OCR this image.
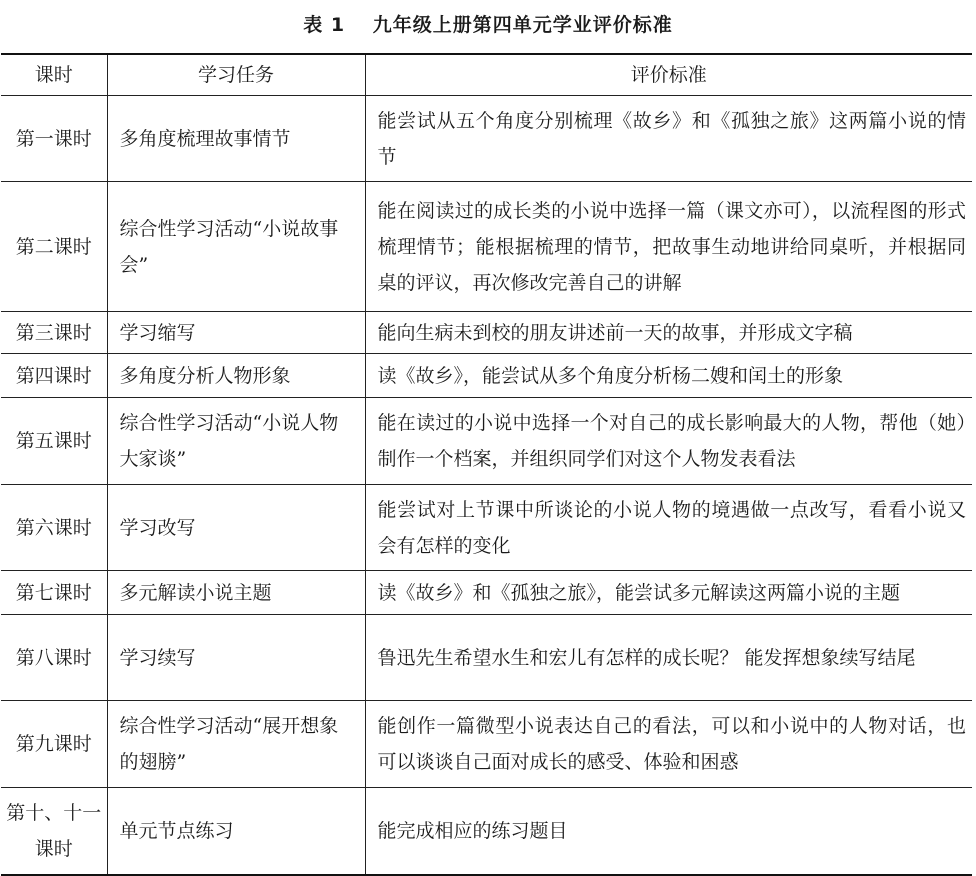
表 1 九年级上册第四单元学业评价标准
课时	学习任务	评价标准
第一课时	多角度梳理故事情节	能尝试从五个角度分别梳理《故乡》和《孤独之旅》这两篇小说的情节
第二课时	综合性学习活动“小说故事会”	能在阅读过的成长类的小说中选择一篇（课文亦可），以流程图的形式梳理情节；能根据梳理的情节，把故事生动地讲给同桌听，并根据同桌的评议，再次修改完善自己的讲解
第三课时	学习缩写	能向生病未到校的朋友讲述前一天的故事，并形成文字稿
第四课时	多角度分析人物形象	读《故乡》，能尝试从多个角度分析杨二嫂和闰土的形象
第五课时	综合性学习活动“小说人物大家谈”	能在读过的小说中选择一个对自己的成长影响最大的人物，帮他（她）制作一个档案，并组织同学们对这个人物发表看法
第六课时	学习改写	能尝试对上节课中所谈论的小说人物的境遇做一点改写，看看小说又会有怎样的变化
第七课时	多元解读小说主题	读《故乡》和《孤独之旅》，能尝试多元解读这两篇小说的主题
第八课时	学习续写	鲁迅先生希望水生和宏儿有怎样的成长呢？ 能发挥想象续写结尾
第九课时	综合性学习活动“展开想象的翅膀”	能创作一篇微型小说表达自己的看法，可以和小说中的人物对话，也可以谈谈自己面对成长的感受、体验和困惑
第十、十一课时	单元节点练习	能完成相应的练习题目
